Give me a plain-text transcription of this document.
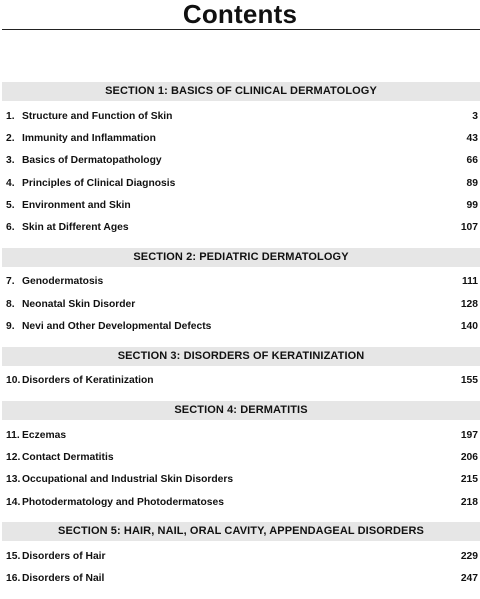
Contents
SECTION 1: BASICS OF CLINICAL DERMATOLOGY
1. Structure and Function of Skin	3
2. Immunity and Inflammation	43
3. Basics of Dermatopathology	66
4. Principles of Clinical Diagnosis	89
5. Environment and Skin	99
6. Skin at Different Ages	107
SECTION 2: PEDIATRIC DERMATOLOGY
7. Genodermatosis	111
8. Neonatal Skin Disorder	128
9. Nevi and Other Developmental Defects	140
SECTION 3: DISORDERS OF KERATINIZATION
10. Disorders of Keratinization	155
SECTION 4: DERMATITIS
11. Eczemas	197
12. Contact Dermatitis	206
13. Occupational and Industrial Skin Disorders	215
14. Photodermatology and Photodermatoses	218
SECTION 5: HAIR, NAIL, ORAL CAVITY, APPENDAGEAL DISORDERS
15. Disorders of Hair	229
16. Disorders of Nail	247
